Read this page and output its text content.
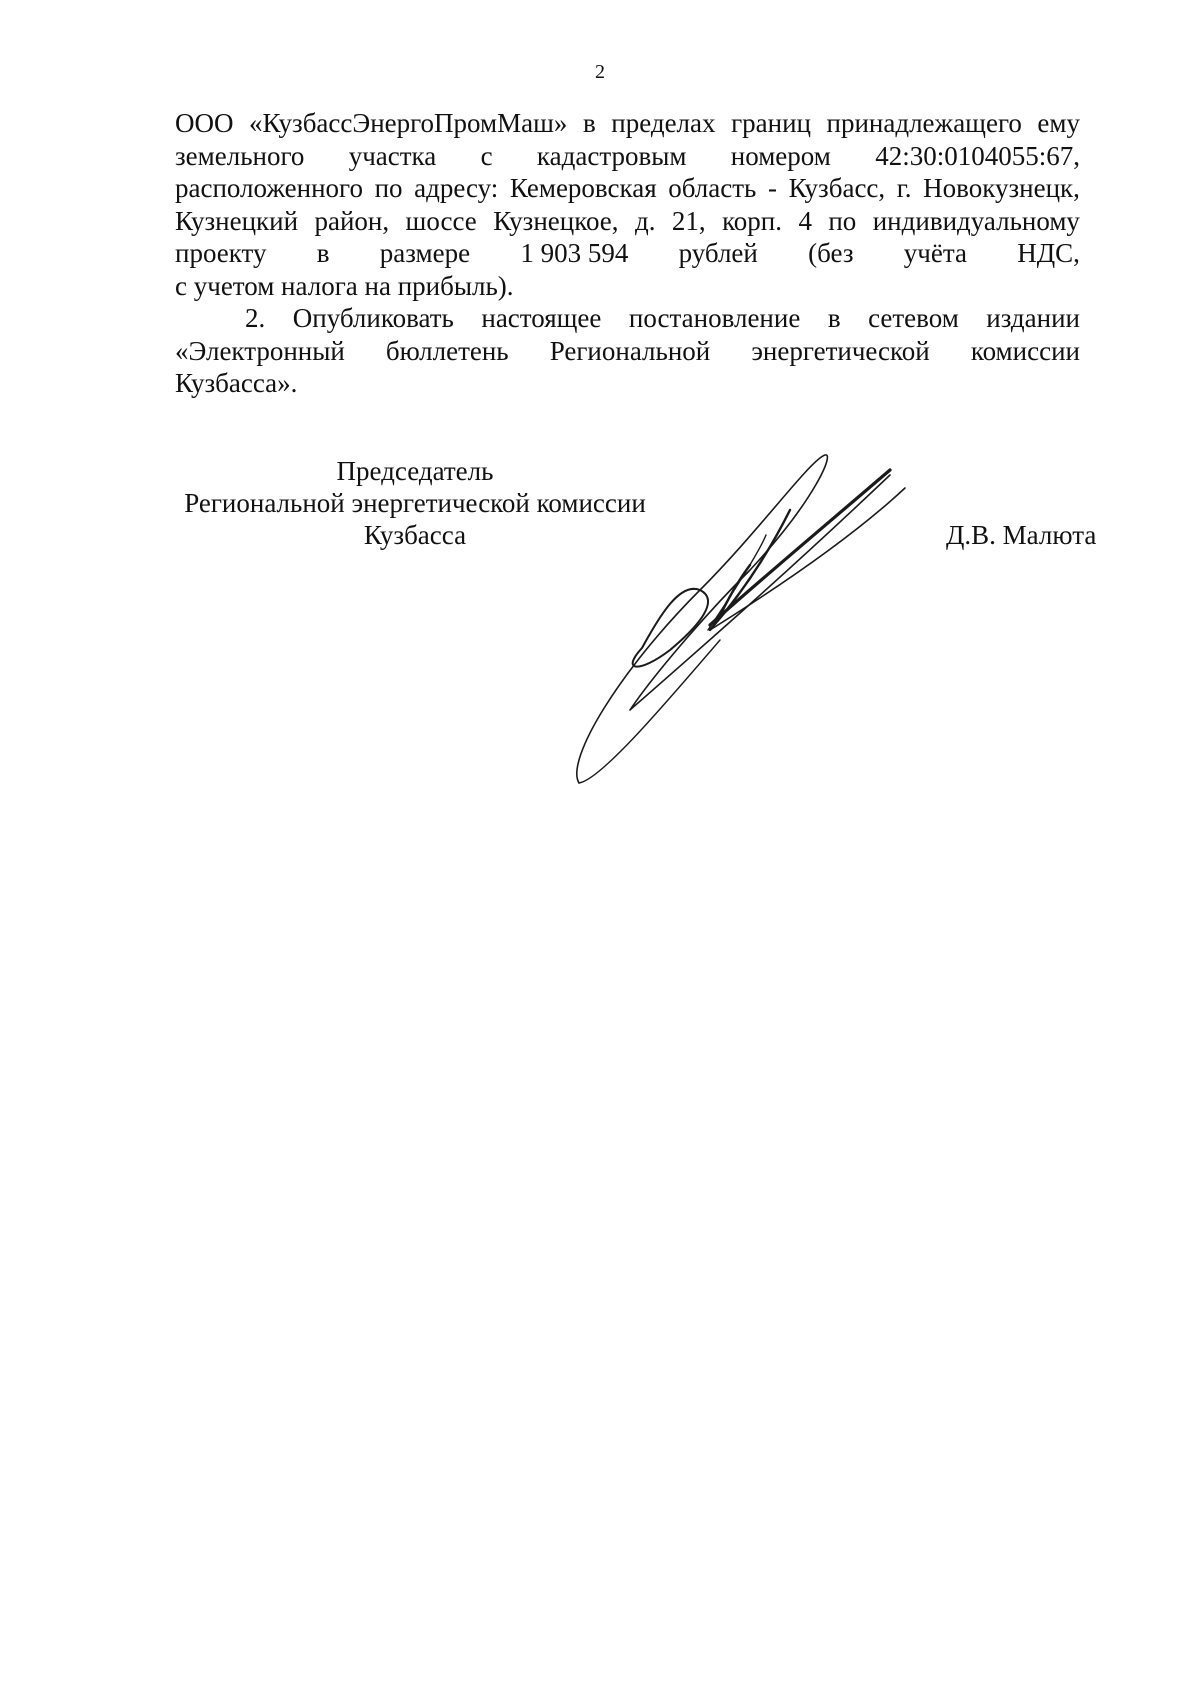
2
ООО «КузбассЭнергоПромМаш» в пределах границ принадлежащего ему
земельного участка с кадастровым номером 42:30:0104055:67,
расположенного по адресу: Кемеровская область - Кузбасс, г. Новокузнецк,
Кузнецкий район, шоссе Кузнецкое, д. 21, корп. 4 по индивидуальному
проекту в размере 1 903 594 рублей (без учёта НДС,
с учетом налога на прибыль).
2. Опубликовать настоящее постановление в сетевом издании
«Электронный бюллетень Региональной энергетической комиссии
Кузбасса».
Председатель
Региональной энергетической комиссии
Кузбасса	Д.В. Малюта
